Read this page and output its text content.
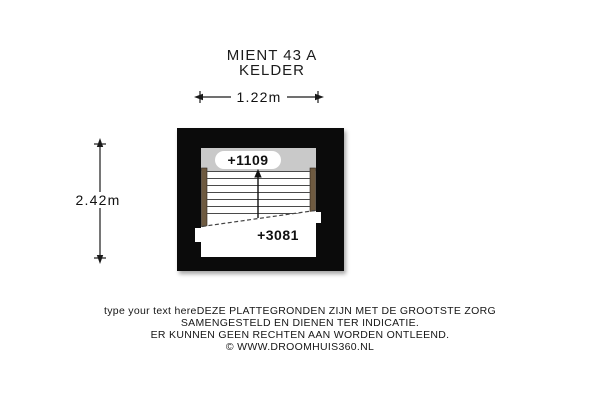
MIENT 43 A
KELDER
1.22m
2.42m
+1109
+3081
type your text hereDEZE PLATTEGRONDEN ZIJN MET DE GROOTSTE ZORG
SAMENGESTELD EN DIENEN TER INDICATIE.
ER KUNNEN GEEN RECHTEN AAN WORDEN ONTLEEND.
© WWW.DROOMHUIS360.NL
